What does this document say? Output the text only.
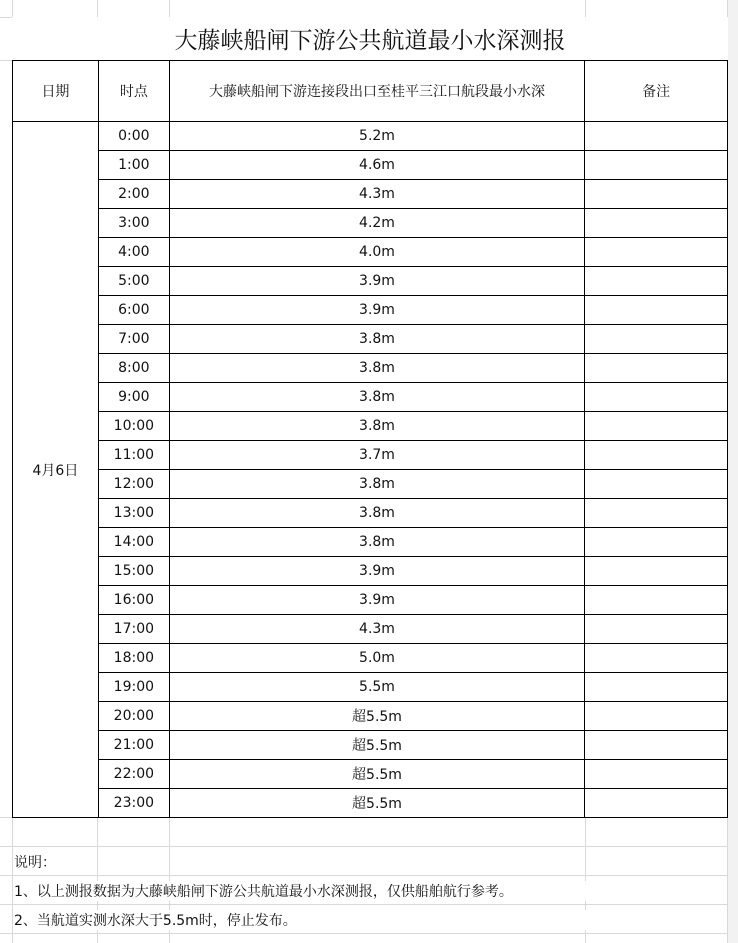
大藤峡船闸下游公共航道最小水深测报
日期	时点	大藤峡船闸下游连接段出口至桂平三江口航段最小水深	备注
4月6日	0:00	5.2m	
	1:00	4.6m	
	2:00	4.3m	
	3:00	4.2m	
	4:00	4.0m	
	5:00	3.9m	
	6:00	3.9m	
	7:00	3.8m	
	8:00	3.8m	
	9:00	3.8m	
	10:00	3.8m	
	11:00	3.7m	
	12:00	3.8m	
	13:00	3.8m	
	14:00	3.8m	
	15:00	3.9m	
	16:00	3.9m	
	17:00	4.3m	
	18:00	5.0m	
	19:00	5.5m	
	20:00	超5.5m	
	21:00	超5.5m	
	22:00	超5.5m	
	23:00	超5.5m	
说明：
1、以上测报数据为大藤峡船闸下游公共航道最小水深测报，仅供船舶航行参考。
2、当航道实测水深大于5.5m时，停止发布。
